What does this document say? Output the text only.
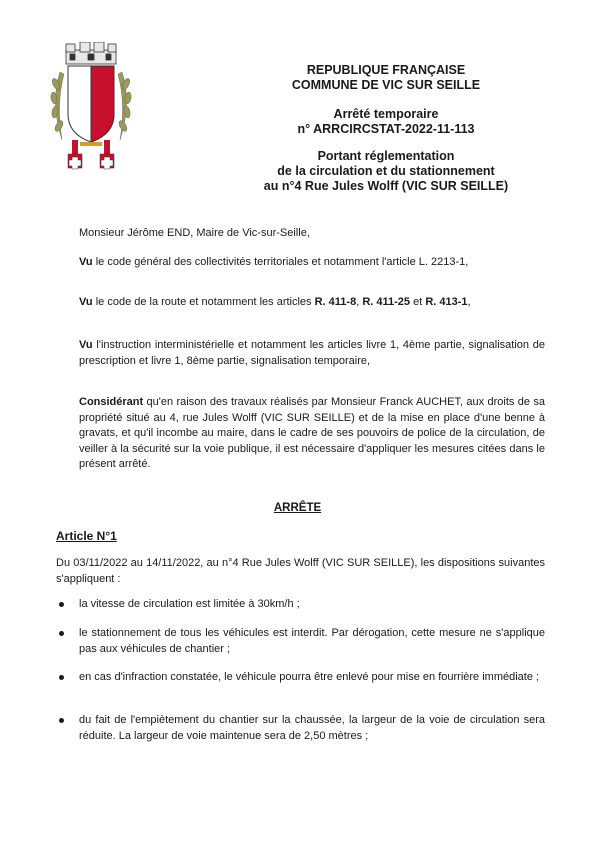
REPUBLIQUE FRANÇAISE
COMMUNE DE VIC SUR SEILLE
Arrêté temporaire
n° ARRCIRCSTAT-2022-11-113
Portant réglementation
de la circulation et du stationnement
au n°4 Rue Jules Wolff (VIC SUR SEILLE)

Monsieur Jérôme END, Maire de Vic-sur-Seille,

Vu le code général des collectivités territoriales et notamment l'article L. 2213-1,

Vu le code de la route et notamment les articles R. 411-8, R. 411-25 et R. 413-1,

Vu l'instruction interministérielle et notamment les articles livre 1, 4ème partie, signalisation de prescription et livre 1, 8ème partie, signalisation temporaire,

Considérant qu'en raison des travaux réalisés par Monsieur Franck AUCHET, aux droits de sa propriété situé au 4, rue Jules Wolff (VIC SUR SEILLE) et de la mise en place d'une benne à gravats, et qu'il incombe au maire, dans le cadre de ses pouvoirs de police de la circulation, de veiller à la sécurité sur la voie publique, il est nécessaire d'appliquer les mesures citées dans le présent arrêté.

ARRÊTE
Article N°1

Du 03/11/2022 au 14/11/2022, au n°4 Rue Jules Wolff (VIC SUR SEILLE), les dispositions suivantes s'appliquent :

la vitesse de circulation est limitée à 30km/h ;

le stationnement de tous les véhicules est interdit. Par dérogation, cette mesure ne s'applique pas aux véhicules de chantier ;

en cas d'infraction constatée, le véhicule pourra être enlevé pour mise en fourrière immédiate ;

du fait de l'empiètement du chantier sur la chaussée, la largeur de la voie de circulation sera réduite. La largeur de voie maintenue sera de 2,50 mètres ;
